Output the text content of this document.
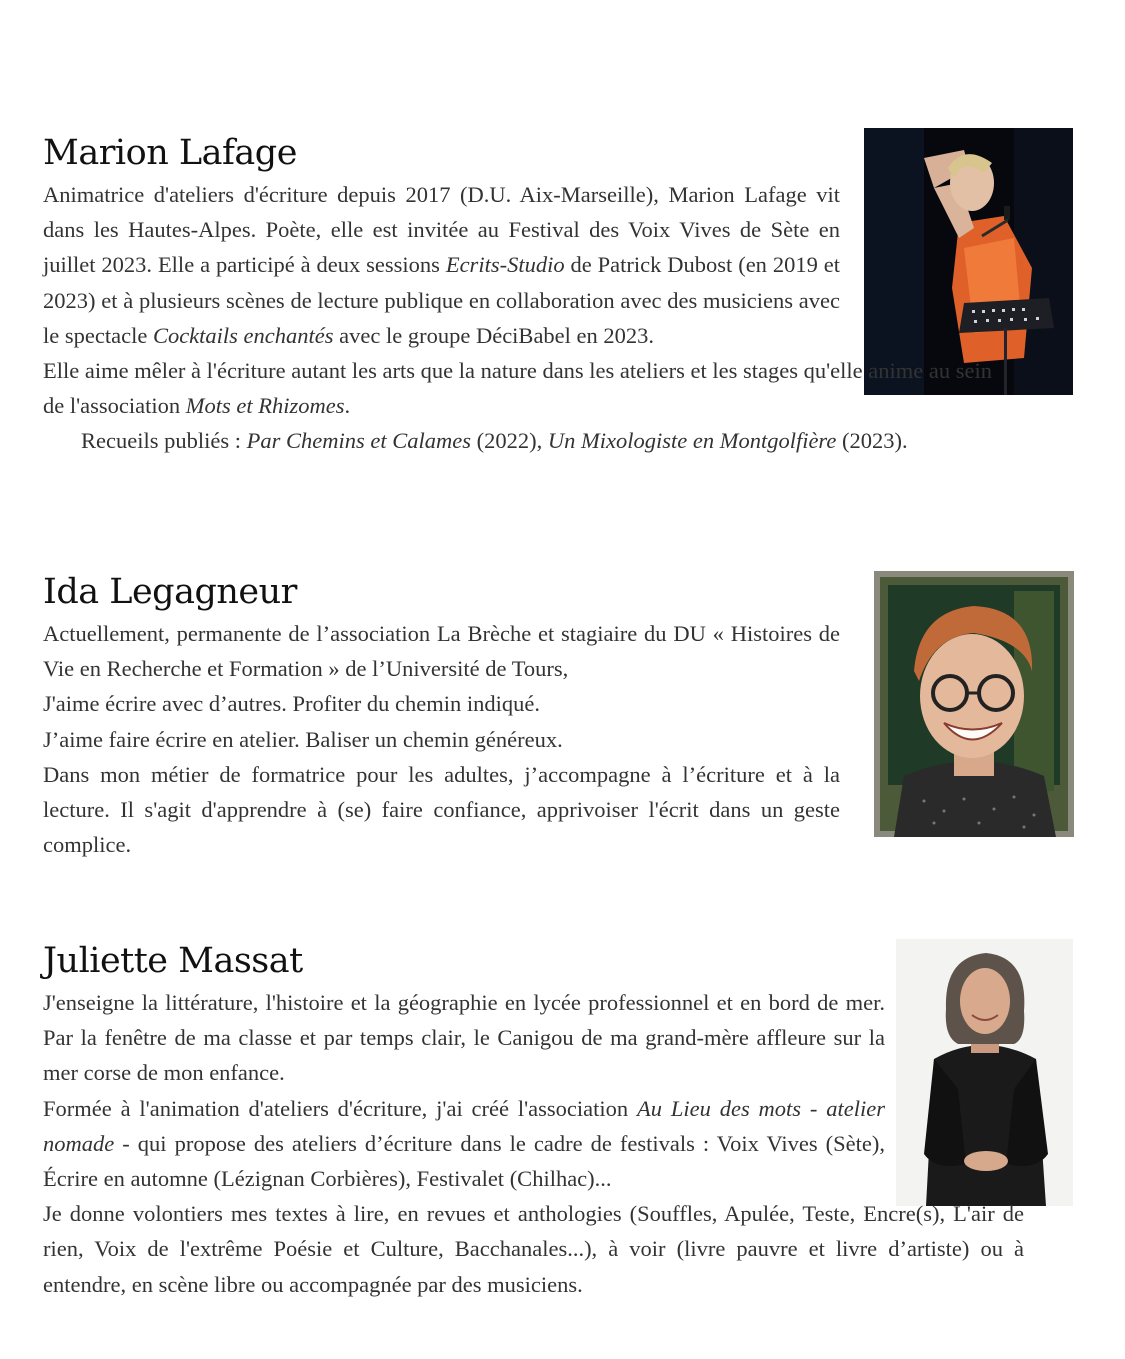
Marion Lafage

Animatrice d'ateliers d'écriture depuis 2017 (D.U. Aix-Marseille), Marion Lafage vit dans les Hautes-Alpes. Poète, elle est invitée au Festival des Voix Vives de Sète en juillet 2023. Elle a participé à deux sessions Ecrits-Studio de Patrick Dubost (en 2019 et 2023) et à plusieurs scènes de lecture publique en collaboration avec des musiciens avec le spectacle Cocktails enchantés avec le groupe DéciBabel en 2023.

Elle aime mêler à l'écriture autant les arts que la nature dans les ateliers et les stages qu'elle anime au sein de l'association Mots et Rhizomes.

Recueils publiés : Par Chemins et Calames (2022), Un Mixologiste en Montgolfière (2023).

Ida Legagneur

Actuellement, permanente de l’association La Brèche et stagiaire du DU « Histoires de Vie en Recherche et Formation » de l’Université de Tours,

J'aime écrire avec d’autres. Profiter du chemin indiqué.

J’aime faire écrire en atelier. Baliser un chemin généreux.

Dans mon métier de formatrice pour les adultes, j’accompagne à l’écriture et à la lecture. Il s'agit d'apprendre à (se) faire confiance, apprivoiser l'écrit dans un geste complice.

Juliette Massat

J'enseigne la littérature, l'histoire et la géographie en lycée professionnel et en bord de mer. Par la fenêtre de ma classe et par temps clair, le Canigou de ma grand-mère affleure sur la mer corse de mon enfance.

Formée à l'animation d'ateliers d'écriture, j'ai créé l'association Au Lieu des mots - atelier nomade - qui propose des ateliers d’écriture dans le cadre de festivals : Voix Vives (Sète), Écrire en automne (Lézignan Corbières), Festivalet (Chilhac)...

Je donne volontiers mes textes à lire, en revues et anthologies (Souffles, Apulée, Teste, Encre(s), L'air de rien, Voix de l'extrême Poésie et Culture, Bacchanales...), à voir (livre pauvre et livre d’artiste) ou à entendre, en scène libre ou accompagnée par des musiciens.
